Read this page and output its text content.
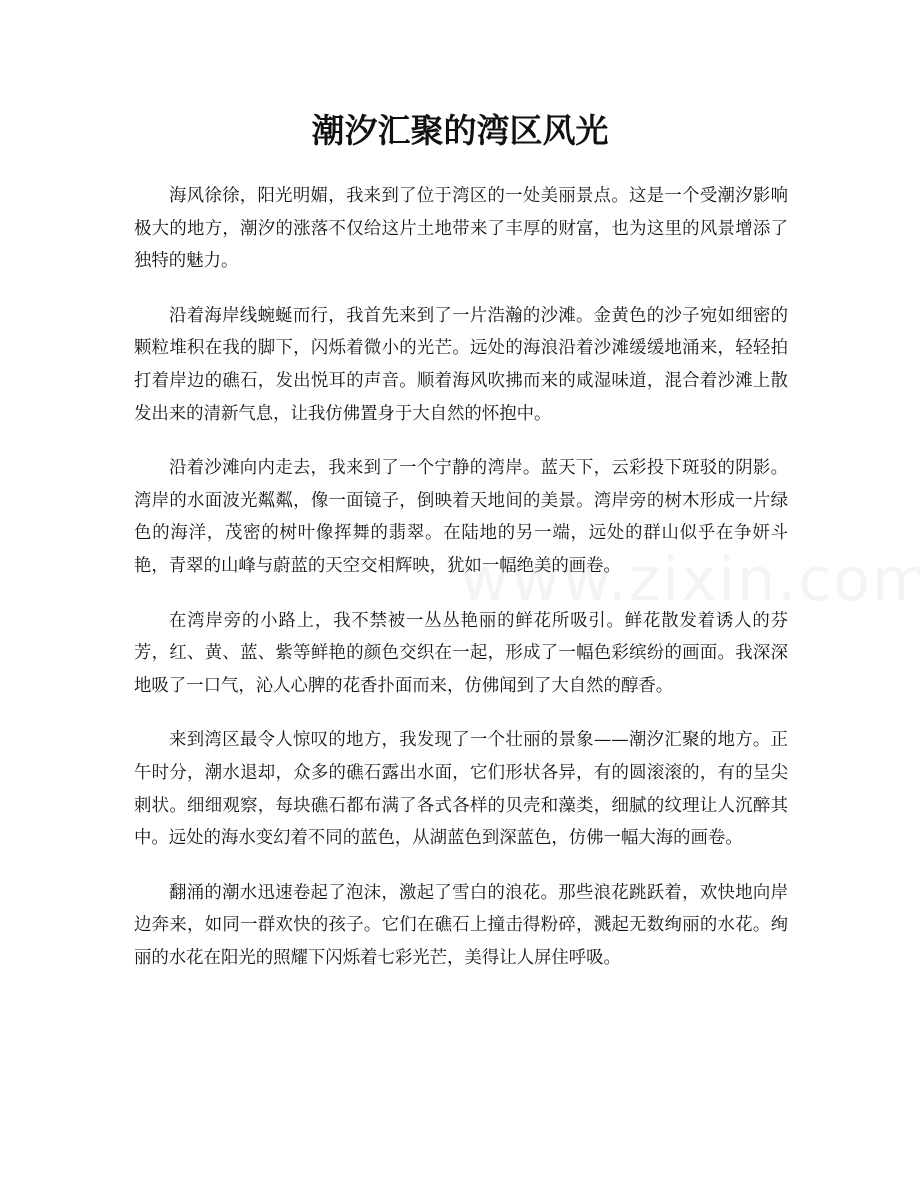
潮汐汇聚的湾区风光

海风徐徐，阳光明媚，我来到了位于湾区的一处美丽景点。这是一个受潮汐影响极大的地方，潮汐的涨落不仅给这片土地带来了丰厚的财富，也为这里的风景增添了独特的魅力。

沿着海岸线蜿蜒而行，我首先来到了一片浩瀚的沙滩。金黄色的沙子宛如细密的颗粒堆积在我的脚下，闪烁着微小的光芒。远处的海浪沿着沙滩缓缓地涌来，轻轻拍打着岸边的礁石，发出悦耳的声音。顺着海风吹拂而来的咸湿味道，混合着沙滩上散发出来的清新气息，让我仿佛置身于大自然的怀抱中。

沿着沙滩向内走去，我来到了一个宁静的湾岸。蓝天下，云彩投下斑驳的阴影。湾岸的水面波光粼粼，像一面镜子，倒映着天地间的美景。湾岸旁的树木形成一片绿色的海洋，茂密的树叶像挥舞的翡翠。在陆地的另一端，远处的群山似乎在争妍斗艳，青翠的山峰与蔚蓝的天空交相辉映，犹如一幅绝美的画卷。

在湾岸旁的小路上，我不禁被一丛丛艳丽的鲜花所吸引。鲜花散发着诱人的芬芳，红、黄、蓝、紫等鲜艳的颜色交织在一起，形成了一幅色彩缤纷的画面。我深深地吸了一口气，沁人心脾的花香扑面而来，仿佛闻到了大自然的醇香。

来到湾区最令人惊叹的地方，我发现了一个壮丽的景象——潮汐汇聚的地方。正午时分，潮水退却，众多的礁石露出水面，它们形状各异，有的圆滚滚的，有的呈尖刺状。细细观察，每块礁石都布满了各式各样的贝壳和藻类，细腻的纹理让人沉醉其中。远处的海水变幻着不同的蓝色，从湖蓝色到深蓝色，仿佛一幅大海的画卷。

翻涌的潮水迅速卷起了泡沫，激起了雪白的浪花。那些浪花跳跃着，欢快地向岸边奔来，如同一群欢快的孩子。它们在礁石上撞击得粉碎，溅起无数绚丽的水花。绚丽的水花在阳光的照耀下闪烁着七彩光芒，美得让人屏住呼吸。
